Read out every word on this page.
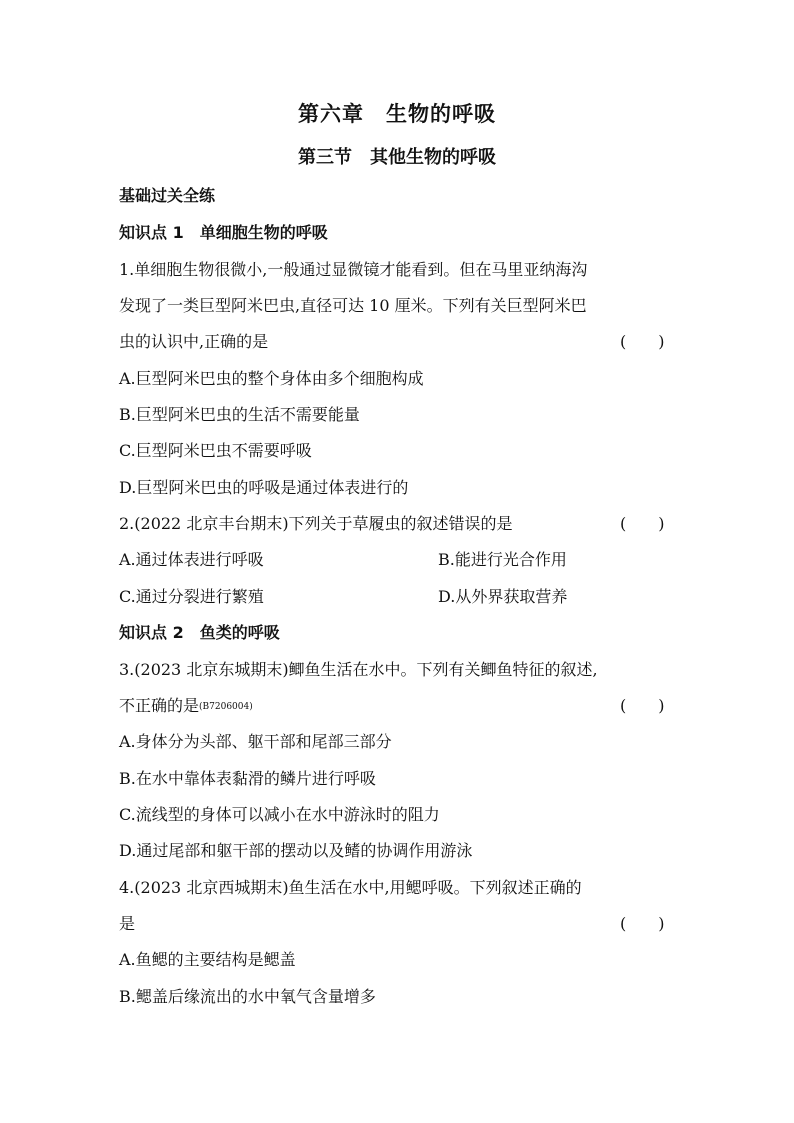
第六章　生物的呼吸
第三节　其他生物的呼吸
基础过关全练
知识点 1　单细胞生物的呼吸
1.单细胞生物很微小,一般通过显微镜才能看到。但在马里亚纳海沟
发现了一类巨型阿米巴虫,直径可达 10 厘米。下列有关巨型阿米巴
虫的认识中,正确的是	(　　)
A.巨型阿米巴虫的整个身体由多个细胞构成
B.巨型阿米巴虫的生活不需要能量
C.巨型阿米巴虫不需要呼吸
D.巨型阿米巴虫的呼吸是通过体表进行的
2.(2022 北京丰台期末)下列关于草履虫的叙述错误的是	(　　)
A.通过体表进行呼吸	B.能进行光合作用
C.通过分裂进行繁殖	D.从外界获取营养
知识点 2　鱼类的呼吸
3.(2023 北京东城期末)鲫鱼生活在水中。下列有关鲫鱼特征的叙述,
不正确的是(B7206004)	(　　)
A.身体分为头部、躯干部和尾部三部分
B.在水中靠体表黏滑的鳞片进行呼吸
C.流线型的身体可以减小在水中游泳时的阻力
D.通过尾部和躯干部的摆动以及鳍的协调作用游泳
4.(2023 北京西城期末)鱼生活在水中,用鳃呼吸。下列叙述正确的
是	(　　)
A.鱼鳃的主要结构是鳃盖
B.鳃盖后缘流出的水中氧气含量增多
